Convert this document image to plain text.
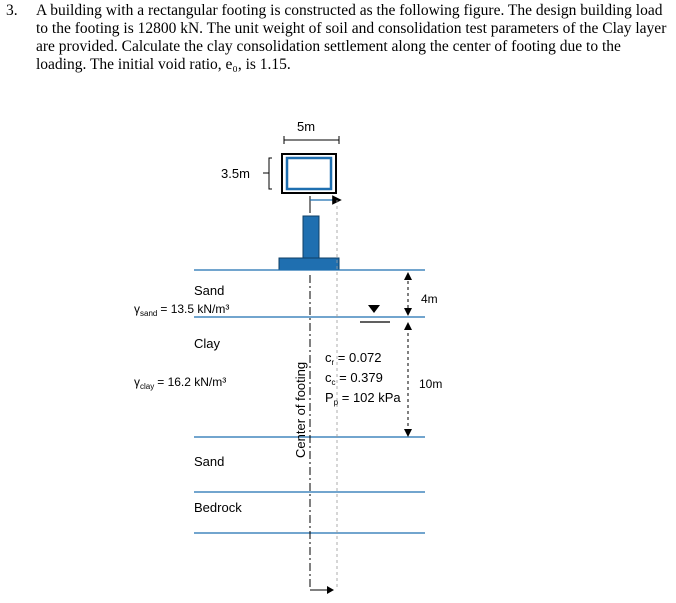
3. A building with a rectangular footing is constructed as the following figure. The design building load to the footing is 12800 kN. The unit weight of soil and consolidation test parameters of the Clay layer are provided. Calculate the clay consolidation settlement along the center of footing due to the loading. The initial void ratio, e₀, is 1.15.
5m
3.5m
4m
10m
Sand
$\gamma_{sand} = 13.5$ kN/m³
Clay
$\gamma_{clay} = 16.2$ kN/m³
$c_r = 0.072$
$c_c = 0.379$
$P_p = 102$ kPa
Sand
Bedrock
Center of footing
